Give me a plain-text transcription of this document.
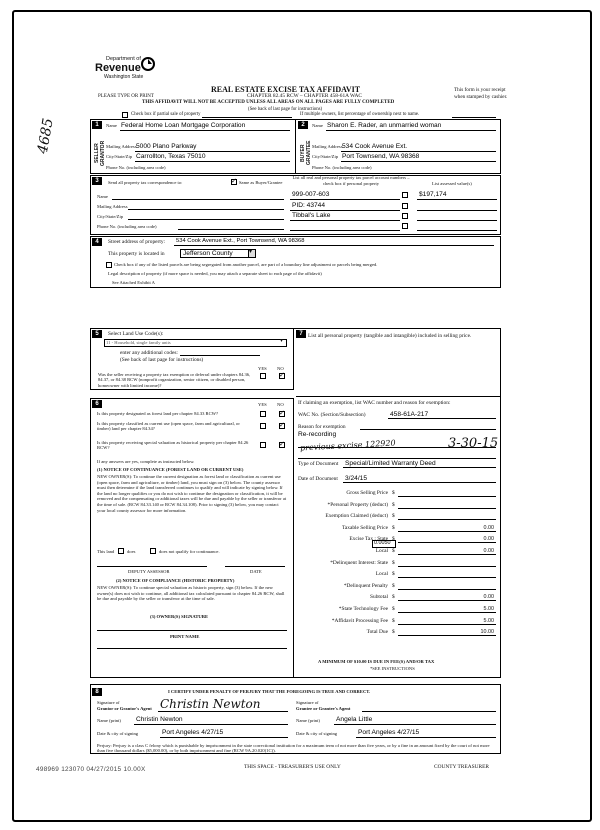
4685
Department of
Revenue
Washington State
REAL ESTATE EXCISE TAX AFFIDAVIT
CHAPTER 82.45 RCW – CHAPTER 458-61A WAC
PLEASE TYPE OR PRINT
THIS AFFIDAVIT WILL NOT BE ACCEPTED UNLESS ALL AREAS ON ALL PAGES ARE FULLY COMPLETED
(See back of last page for instructions)
This form is your receipt
when stamped by cashier.
Check box if partial sale of property	If multiple owners, list percentage of ownership next to name.
1	2
SELLER GRANTOR	BUYER GRANTEE
Name Federal Home Loan Mortgage Corporation
Mailing Address 5000 Plano Parkway
City/State/Zip Carrollton, Texas 75010
Phone No. (including area code)
Name Sharon E. Rader, an unmarried woman
Mailing Address 534 Cook Avenue Ext.
City/State/Zip Port Townsend, WA 98368
Phone No. (including area code)
3	Send all property tax correspondence to:
✓	Same as Buyer/Grantee
Name
Mailing Address
City/State/Zip
Phone No. (including area code)
List all real and personal property tax parcel account numbers – check box if personal property	List assessed value(s)
999-007-603
PID: 43744
Tibbal's Lake
$197,174
4	Street address of property: 534 Cook Avenue Ext., Port Townsend, WA 98368
This property is located in	Jefferson County	▾
Check box if any of the listed parcels are being segregated from another parcel, are part of a boundary line adjustment or parcels being merged.
Legal description of property (if more space is needed, you may attach a separate sheet to each page of the affidavit)
See Attached Exhibit A
5	Select Land Use Code(s):
11 - Household, single family units	▾
enter any additional codes:
(See back of last page for instructions)
YES NO
Was the seller receiving a property tax exemption or deferral under chapters 84.36, 84.37, or 84.38 RCW (nonprofit organization, senior citizen, or disabled person, homeowner with limited income)?
✓
6	YES NO
Is this property designated as forest land per chapter 84.33 RCW?
✓
Is this property classified as current use (open space, farm and agricultural, or timber) land per chapter 84.34?
✓
Is this property receiving special valuation as historical property per chapter 84.26 RCW?
✓
If any answers are yes, complete as instructed below.
(1) NOTICE OF CONTINUANCE (FOREST LAND OR CURRENT USE)
NEW OWNER(S): To continue the current designation as forest land or classification as current use (open space, farm and agriculture, or timber) land, you must sign on (3) below. The county assessor must then determine if the land transferred continues to qualify and will indicate by signing below. If the land no longer qualifies or you do not wish to continue the designation or classification, it will be removed and the compensating or additional taxes will be due and payable by the seller or transferor at the time of sale. (RCW 84.33.140 or RCW 84.34.108). Prior to signing (3) below, you may contact your local county assessor for more information.
This land	does	does not qualify for continuance.
DEPUTY ASSESSOR	DATE
(2) NOTICE OF COMPLIANCE (HISTORIC PROPERTY)
NEW OWNER(S): To continue special valuation as historic property, sign (3) below. If the new owner(s) does not wish to continue, all additional tax calculated pursuant to chapter 84.26 RCW, shall be due and payable by the seller or transferor at the time of sale.
(3) OWNER(S) SIGNATURE
PRINT NAME
7 List all personal property (tangible and intangible) included in selling price.
If claiming an exemption, list WAC number and reason for exemption:
WAC No. (Section/Subsection)	458-61A-217
Reason for exemption
Re-recording
previous excise 122920	3-30-15
Type of Document Special/Limited Warranty Deed
Date of Document 3/24/15
Gross Selling Price $
*Personal Property (deduct) $
Exemption Claimed (deduct) $
Taxable Selling Price $	0.00
Excise Tax : State $	0.00
Local $	0.00
*Delinquent Interest: State $
Local $
*Delinquent Penalty $
Subtotal $	0.00
*State Technology Fee $	5.00
*Affidavit Processing Fee $	5.00
Total Due $	10.00
0.0050
A MINIMUM OF $10.00 IS DUE IN FEE(S) AND/OR TAX
*SEE INSTRUCTIONS
8	I CERTIFY UNDER PENALTY OF PERJURY THAT THE FOREGOING IS TRUE AND CORRECT.
Signature of
Grantor or Grantor's Agent Christin Newton	Signature of
Grantee or Grantee's Agent
Name (print) Christin Newton	Name (print) Angela Little
Date & city of signing	Port Angeles 4/27/15	Date & city of signing	Port Angeles 4/27/15
Perjury: Perjury is a class C felony which is punishable by imprisonment in the state correctional institution for a maximum term of not more than five years, or by a fine in an amount fixed by the court of not more than five thousand dollars ($5,000.00), or by both imprisonment and fine (RCW 9A.20.020(1C)).
498969 123070 04/27/2015 10.00X	THIS SPACE - TREASURER'S USE ONLY	COUNTY TREASURER
